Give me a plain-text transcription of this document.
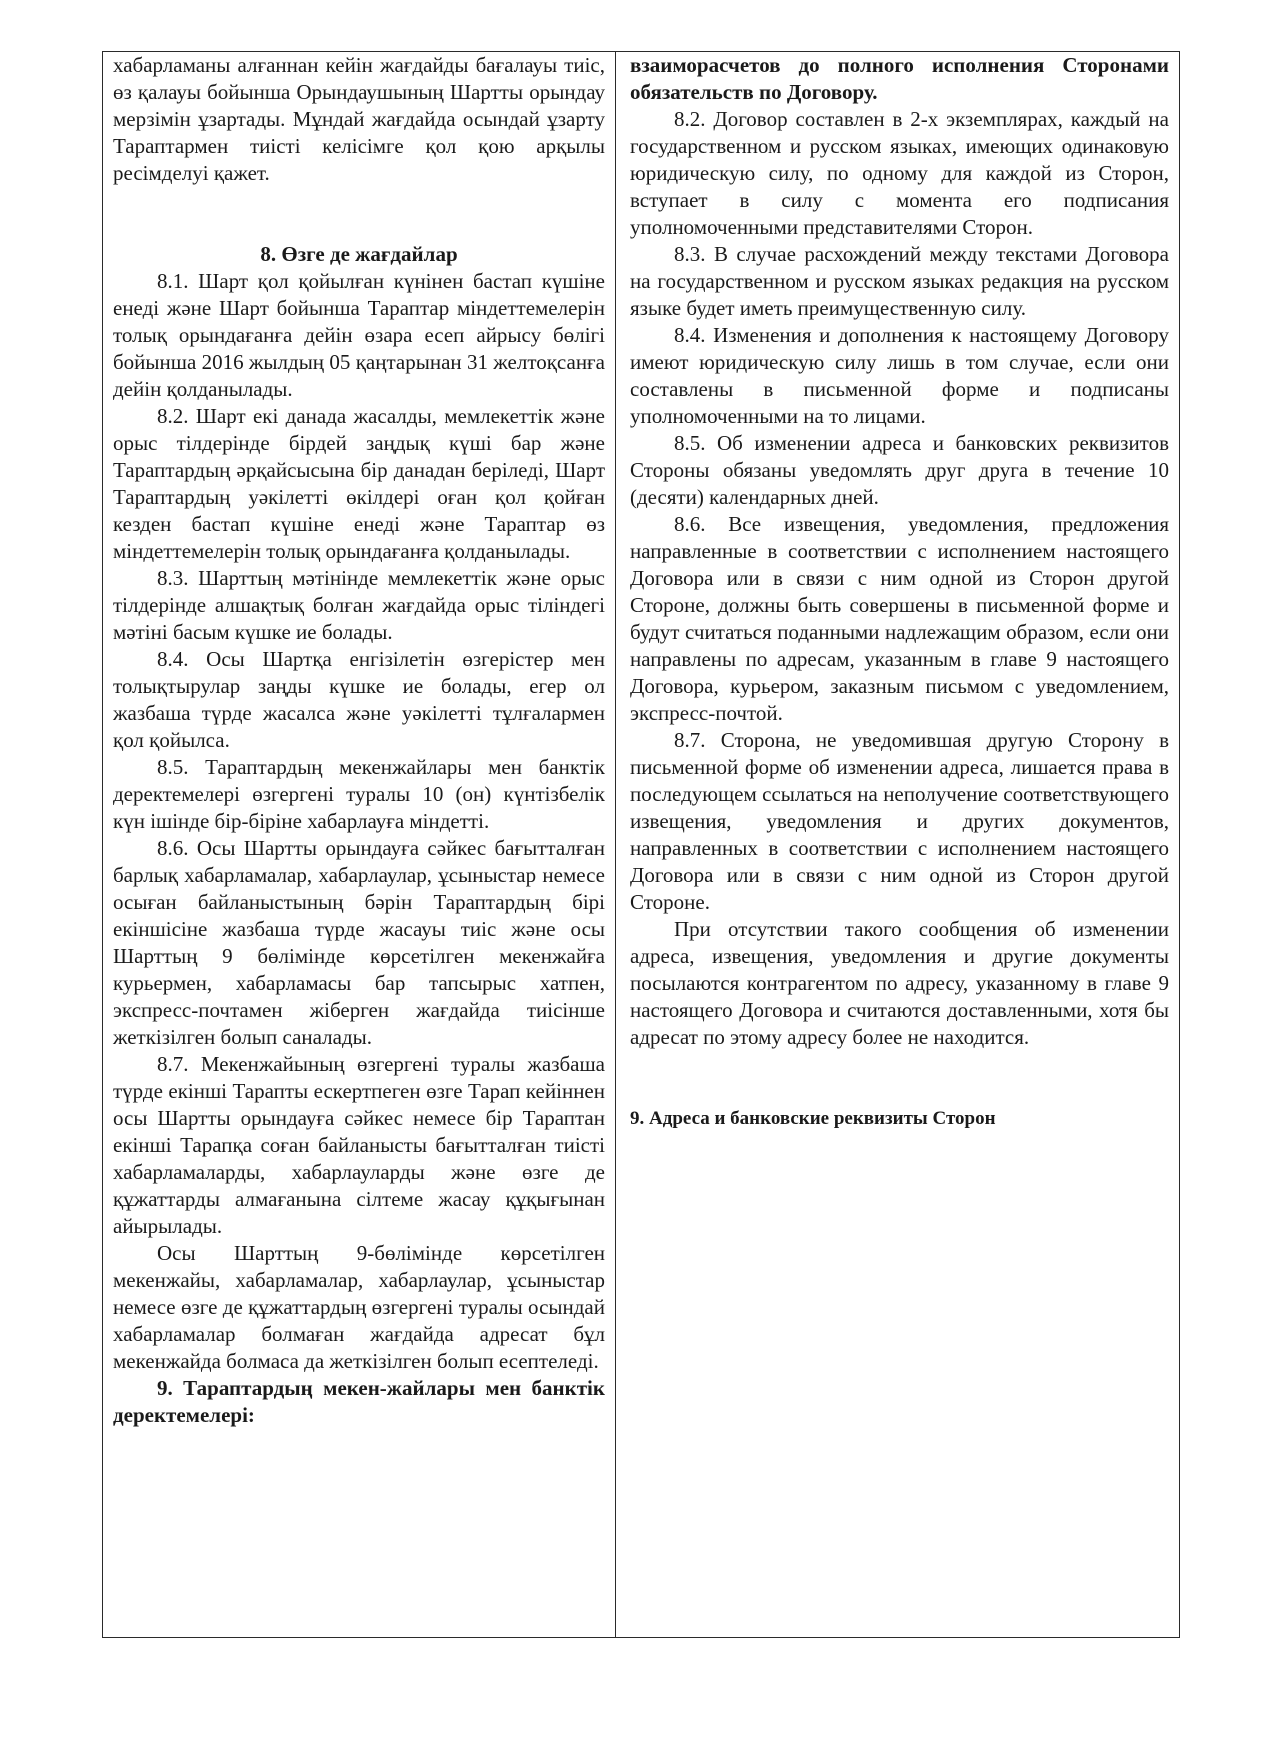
хабарламаны алғаннан кейін жағдайды бағалауы тиіс, өз қалауы бойынша Орындаушының Шартты орындау мерзімін ұзартады. Мұндай жағдайда осындай ұзарту Тараптармен тиісті келісімге қол қою арқылы ресімделуі қажет.

8. Өзге де жағдайлар

8.1. Шарт қол қойылған күнінен бастап күшіне енеді және Шарт бойынша Тараптар міндеттемелерін толық орындағанға дейін өзара есеп айрысу бөлігі бойынша 2016 жылдың 05 қаңтарынан 31 желтоқсанға дейін қолданылады.

8.2. Шарт екі данада жасалды, мемлекеттік және орыс тілдерінде бірдей заңдық күші бар және Тараптардың әрқайсысына бір данадан беріледі, Шарт Тараптардың уәкілетті өкілдері оған қол қойған кезден бастап күшіне енеді және Тараптар өз міндеттемелерін толық орындағанға қолданылады.

8.3. Шарттың мәтінінде мемлекеттік және орыс тілдерінде алшақтық болған жағдайда орыс тіліндегі мәтіні басым күшке ие болады.

8.4. Осы Шартқа енгізілетін өзгерістер мен толықтырулар заңды күшке ие болады, егер ол жазбаша түрде жасалса және уәкілетті тұлғалармен қол қойылса.

8.5. Тараптардың мекенжайлары мен банктік деректемелері өзгергені туралы 10 (он) күнтізбелік күн ішінде бір-біріне хабарлауға міндетті.

8.6. Осы Шартты орындауға сәйкес бағытталған барлық хабарламалар, хабарлаулар, ұсыныстар немесе осыған байланыстының бәрін Тараптардың бірі екіншісіне жазбаша түрде жасауы тиіс және осы Шарттың 9 бөлімінде көрсетілген мекенжайға курьермен, хабарламасы бар тапсырыс хатпен, экспресс-почтамен жіберген жағдайда тиісінше жеткізілген болып саналады.

8.7. Мекенжайының өзгергені туралы жазбаша түрде екінші Тарапты ескертпеген өзге Тарап кейіннен осы Шартты орындауға сәйкес немесе бір Тараптан екінші Тарапқа соған байланысты бағытталған тиісті хабарламаларды, хабарлауларды және өзге де құжаттарды алмағанына сілтеме жасау құқығынан айырылады.

Осы Шарттың 9-бөлімінде көрсетілген мекенжайы, хабарламалар, хабарлаулар, ұсыныстар немесе өзге де құжаттардың өзгергені туралы осындай хабарламалар болмаған жағдайда адресат бұл мекенжайда болмаса да жеткізілген болып есептеледі.

9. Тараптардың мекен-жайлары мен банктік деректемелері:

взаиморасчетов до полного исполнения Сторонами обязательств по Договору.

8.2. Договор составлен в 2-х экземплярах, каждый на государственном и русском языках, имеющих одинаковую юридическую силу, по одному для каждой из Сторон, вступает в силу с момента его подписания уполномоченными представителями Сторон.

8.3. В случае расхождений между текстами Договора на государственном и русском языках редакция на русском языке будет иметь преимущественную силу.

8.4. Изменения и дополнения к настоящему Договору имеют юридическую силу лишь в том случае, если они составлены в письменной форме и подписаны уполномоченными на то лицами.

8.5. Об изменении адреса и банковских реквизитов Стороны обязаны уведомлять друг друга в течение 10 (десяти) календарных дней.

8.6. Все извещения, уведомления, предложения направленные в соответствии с исполнением настоящего Договора или в связи с ним одной из Сторон другой Стороне, должны быть совершены в письменной форме и будут считаться поданными надлежащим образом, если они направлены по адресам, указанным в главе 9 настоящего Договора, курьером, заказным письмом с уведомлением, экспресс-почтой.

8.7. Сторона, не уведомившая другую Сторону в письменной форме об изменении адреса, лишается права в последующем ссылаться на неполучение соответствующего извещения, уведомления и других документов, направленных в соответствии с исполнением настоящего Договора или в связи с ним одной из Сторон другой Стороне.

При отсутствии такого сообщения об изменении адреса, извещения, уведомления и другие документы посылаются контрагентом по адресу, указанному в главе 9 настоящего Договора и считаются доставленными, хотя бы адресат по этому адресу более не находится.

9. Адреса и банковские реквизиты Сторон
